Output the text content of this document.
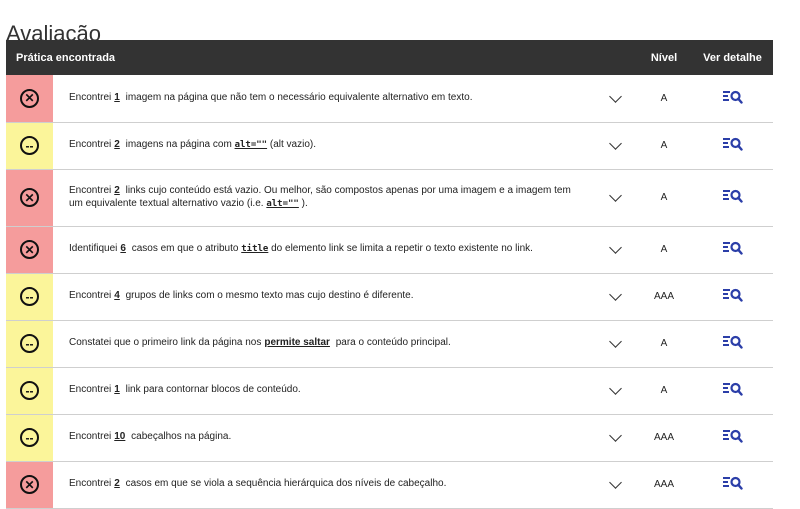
Avaliação
Prática encontrada			Nível	Ver detalhe
✕	Encontrei 1 imagem na página que não tem o necessário equivalente alternativo em texto.		A	
--	Encontrei 2 imagens na página com alt="" (alt vazio).		A	
✕	Encontrei 2 links cujo conteúdo está vazio. Ou melhor, são compostos apenas por uma imagem e a imagem tem um equivalente textual alternativo vazio (i.e. alt="" ).		A	
✕	Identifiquei 6 casos em que o atributo title do elemento link se limita a repetir o texto existente no link.		A	
--	Encontrei 4 grupos de links com o mesmo texto mas cujo destino é diferente.		AAA	
--	Constatei que o primeiro link da página nos permite saltar para o conteúdo principal.		A	
--	Encontrei 1 link para contornar blocos de conteúdo.		A	
--	Encontrei 10 cabeçalhos na página.		AAA	
✕	Encontrei 2 casos em que se viola a sequência hierárquica dos níveis de cabeçalho.		AAA	
